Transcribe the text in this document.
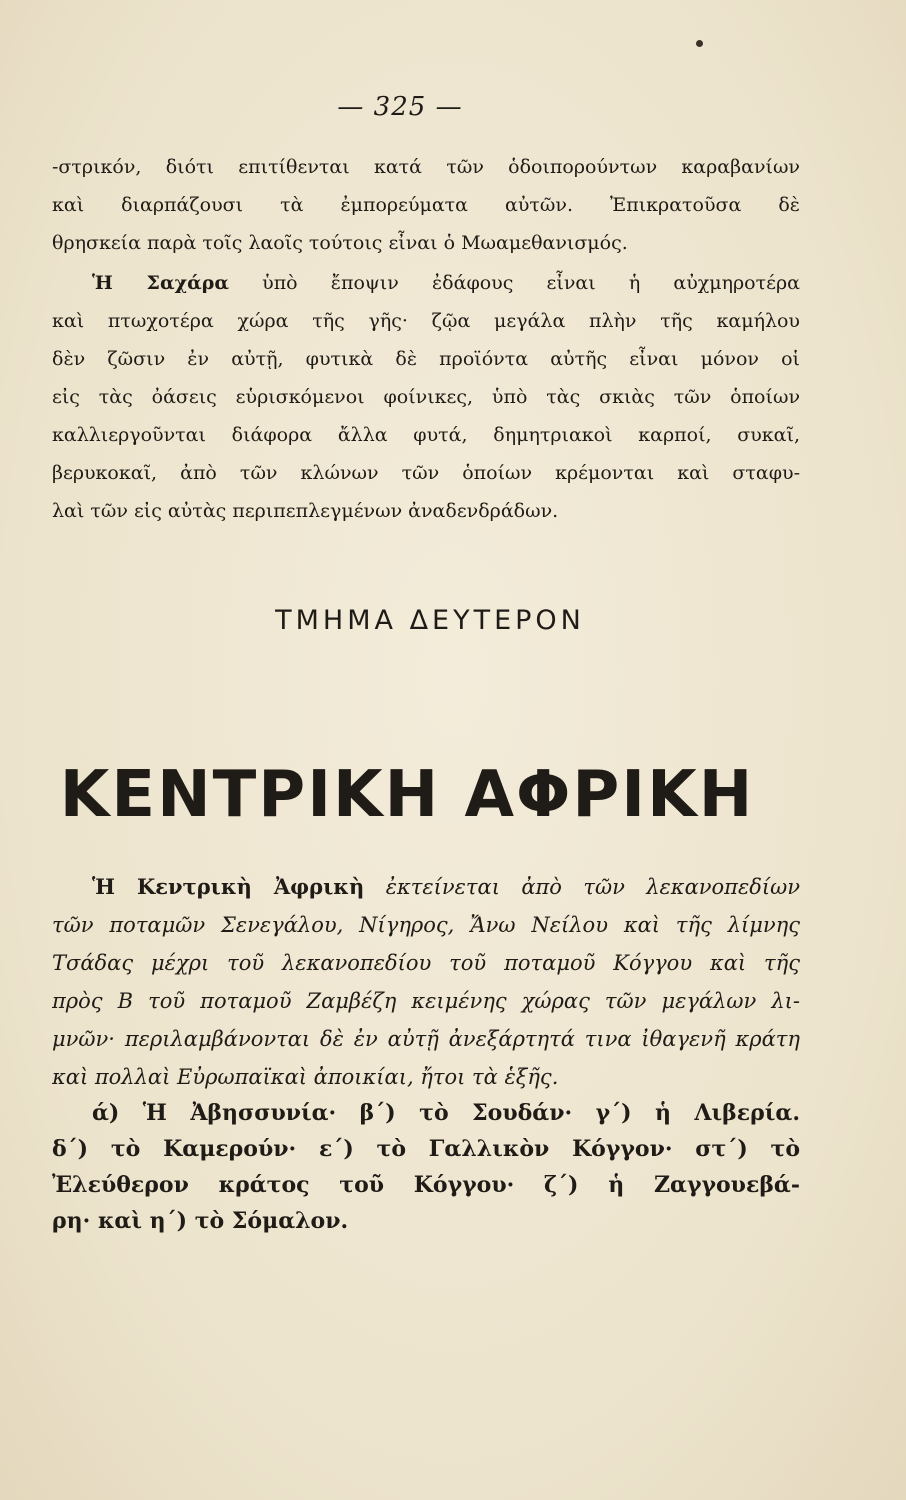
— 325 —
-στρικόν, διότι επιτίθενται κατά τῶν ὁδοιπορούντων καραβανίων
καὶ διαρπάζουσι τὰ ἐμπορεύματα αὐτῶν. Ἐπικρατοῦσα δὲ
θρησκεία παρὰ τοῖς λαοῖς τούτοις εἶναι ὁ Μωαμεθανισμός.
Ἡ Σαχάρα ὑπὸ ἔποψιν ἐδάφους εἶναι ἡ αὐχμηροτέρα
καὶ πτωχοτέρα χώρα τῆς γῆς· ζῷα μεγάλα πλὴν τῆς καμήλου
δὲν ζῶσιν ἐν αὐτῇ, φυτικὰ δὲ προϊόντα αὐτῆς εἶναι μόνον οἱ
εἰς τὰς ὀάσεις εὑρισκόμενοι φοίνικες, ὑπὸ τὰς σκιὰς τῶν ὁποίων
καλλιεργοῦνται διάφορα ἄλλα φυτά, δημητριακοὶ καρποί, συκαῖ,
βερυκοκαῖ, ἀπὸ τῶν κλώνων τῶν ὁποίων κρέμονται καὶ σταφυ-
λαὶ τῶν εἰς αὐτὰς περιπεπλεγμένων ἀναδενδράδων.
ΤΜΗΜΑ ΔΕΥΤΕΡΟΝ
ΚΕΝΤΡΙΚΗ ΑΦΡΙΚΗ
Ἡ Κεντρικὴ Ἀφρικὴ ἐκτείνεται ἀπὸ τῶν λεκανοπεδίων
τῶν ποταμῶν Σενεγάλου, Νίγηρος, Ἄνω Νείλου καὶ τῆς λίμνης
Τσάδας μέχρι τοῦ λεκανοπεδίου τοῦ ποταμοῦ Κόγγου καὶ τῆς
πρὸς Β τοῦ ποταμοῦ Ζαμβέζη κειμένης χώρας τῶν μεγάλων λι-
μνῶν· περιλαμβάνονται δὲ ἐν αὐτῇ ἀνεξάρτητά τινα ἰθαγενῆ κράτη
καὶ πολλαὶ Εὐρωπαϊκαὶ ἀποικίαι, ἤτοι τὰ ἑξῆς.
ά) Ἡ Ἀβησσυνία· β΄) τὸ Σουδάν· γ΄) ἡ Λιβερία.
δ΄) τὸ Καμερούν· ε΄) τὸ Γαλλικὸν Κόγγον· στ΄) τὸ
Ἐλεύθερον κράτος τοῦ Κόγγου· ζ΄) ἡ Ζαγγουεβά-
ρη· καὶ η΄) τὸ Σόμαλον.
